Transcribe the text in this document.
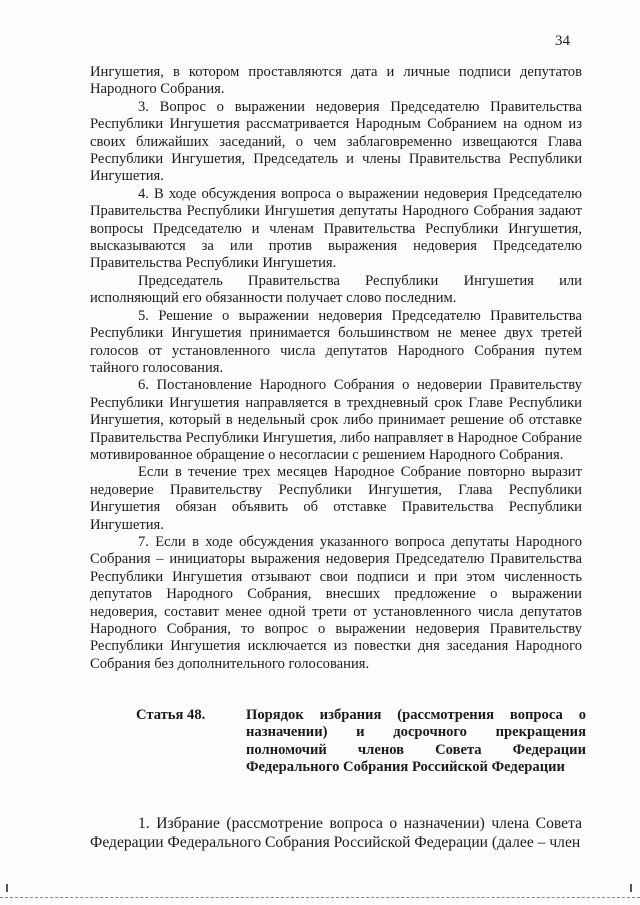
34

Ингушетия, в котором проставляются дата и личные подписи депутатов Народного Собрания.

3. Вопрос о выражении недоверия Председателю Правительства Республики Ингушетия рассматривается Народным Собранием на одном из своих ближайших заседаний, о чем заблаговременно извещаются Глава Республики Ингушетия, Председатель и члены Правительства Республики Ингушетия.

4. В ходе обсуждения вопроса о выражении недоверия Председателю Правительства Республики Ингушетия депутаты Народного Собрания задают вопросы Председателю и членам Правительства Республики Ингушетия, высказываются за или против выражения недоверия Председателю Правительства Республики Ингушетия.

Председатель Правительства Республики Ингушетия или исполняющий его обязанности получает слово последним.

5. Решение о выражении недоверия Председателю Правительства Республики Ингушетия принимается большинством не менее двух третей голосов от установленного числа депутатов Народного Собрания путем тайного голосования.

6. Постановление Народного Собрания о недоверии Правительству Республики Ингушетия направляется в трехдневный срок Главе Республики Ингушетия, который в недельный срок либо принимает решение об отставке Правительства Республики Ингушетия, либо направляет в Народное Собрание мотивированное обращение о несогласии с решением Народного Собрания.

Если в течение трех месяцев Народное Собрание повторно выразит недоверие Правительству Республики Ингушетия, Глава Республики Ингушетия обязан объявить об отставке Правительства Республики Ингушетия.

7. Если в ходе обсуждения указанного вопроса депутаты Народного Собрания – инициаторы выражения недоверия Председателю Правительства Республики Ингушетия отзывают свои подписи и при этом численность депутатов Народного Собрания, внесших предложение о выражении недоверия, составит менее одной трети от установленного числа депутатов Народного Собрания, то вопрос о выражении недоверия Правительству Республики Ингушетия исключается из повестки дня заседания Народного Собрания без дополнительного голосования.

Статья 48.	Порядок избрания (рассмотрения вопроса о назначении) и досрочного прекращения полномочий членов Совета Федерации Федерального Собрания Российской Федерации

1. Избрание (рассмотрение вопроса о назначении) члена Совета Федерации Федерального Собрания Российской Федерации (далее – член
